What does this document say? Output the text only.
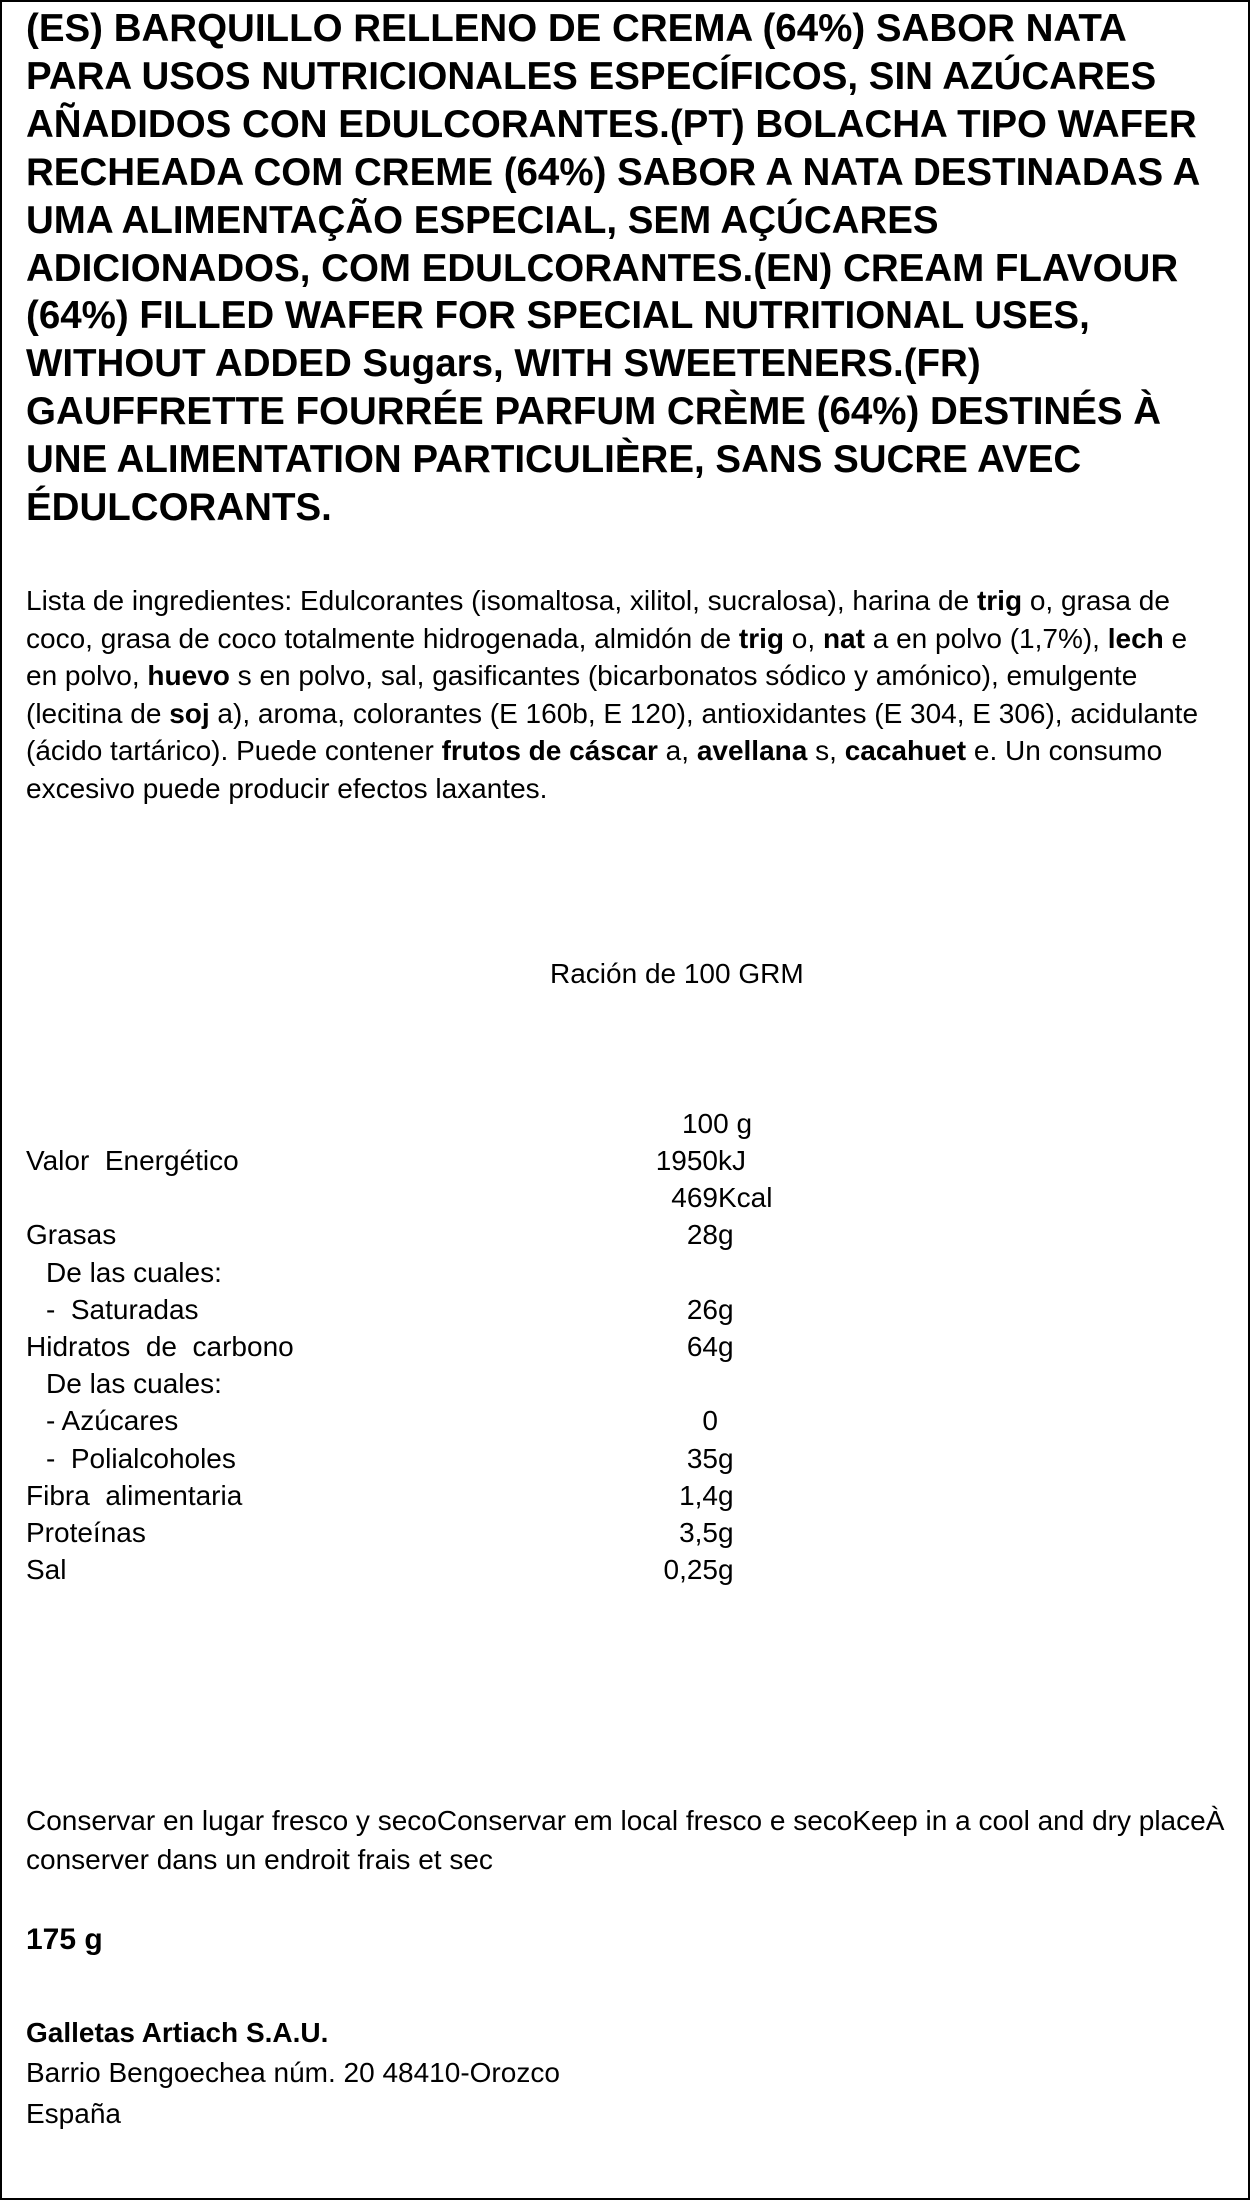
(ES) BARQUILLO RELLENO DE CREMA (64%) SABOR NATA PARA USOS NUTRICIONALES ESPECÍFICOS, SIN AZÚCARES AÑADIDOS CON EDULCORANTES.(PT) BOLACHA TIPO WAFER RECHEADA COM CREME (64%) SABOR A NATA DESTINADAS A UMA ALIMENTAÇÃO ESPECIAL, SEM AÇÚCARES ADICIONADOS, COM EDULCORANTES.(EN) CREAM FLAVOUR (64%) FILLED WAFER FOR SPECIAL NUTRITIONAL USES, WITHOUT ADDED Sugars, WITH SWEETENERS.(FR) GAUFFRETTE FOURRÉE PARFUM CRÈME (64%) DESTINÉS À UNE ALIMENTATION PARTICULIÈRE, SANS SUCRE AVEC ÉDULCORANTS.

Lista de ingredientes: Edulcorantes (isomaltosa, xilitol, sucralosa), harina de trig o, grasa de coco, grasa de coco totalmente hidrogenada, almidón de trig o, nat a en polvo (1,7%), lech e en polvo, huevo s en polvo, sal, gasificantes (bicarbonatos sódico y amónico), emulgente (lecitina de soj a), aroma, colorantes (E 160b, E 120), antioxidantes (E 304, E 306), acidulante (ácido tartárico). Puede contener frutos de cáscar a, avellana s, cacahuet e. Un consumo excesivo puede producir efectos laxantes.

Ración de 100 GRM
100 g
Valor  Energético	1950 kJ
469 Kcal
Grasas	28 g
De las cuales:
-  Saturadas	26 g
Hidratos  de  carbono	64 g
De las cuales:
- Azúcares	0
-  Polialcoholes	35 g
Fibra  alimentaria	1,4 g
Proteínas	3,5 g
Sal	0,25 g

Conservar en lugar fresco y secoConservar em local fresco e secoKeep in a cool and dry placeÀ conserver dans un endroit frais et sec

175 g
Galletas Artiach S.A.U.
Barrio Bengoechea núm. 20 48410-Orozco
España
